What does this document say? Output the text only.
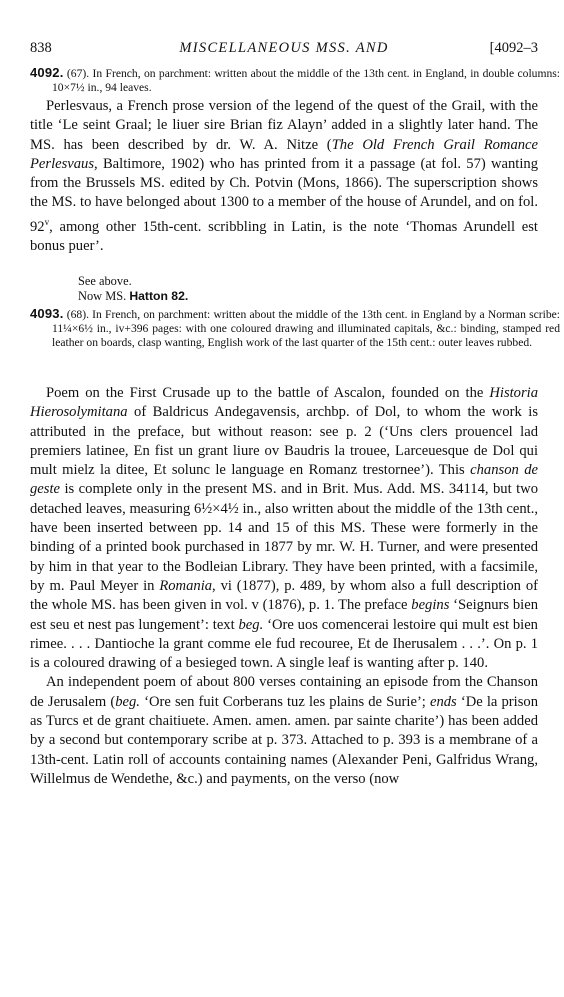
838	MISCELLANEOUS MSS. AND	[4092–3
4092. (67). In French, on parchment: written about the middle of the 13th cent. in England, in double columns: 10×7½ in., 94 leaves.

Perlesvaus, a French prose version of the legend of the quest of the Grail, with the title ‘Le seint Graal; le liuer sire Brian fiz Alayn’ added in a slightly later hand. The MS. has been described by dr. W. A. Nitze (The Old French Grail Romance Perlesvaus, Baltimore, 1902) who has printed from it a passage (at fol. 57) wanting from the Brussels MS. edited by Ch. Potvin (Mons, 1866). The superscription shows the MS. to have belonged about 1300 to a member of the house of Arundel, and on fol. 92$^v$, among other 15th-cent. scribbling in Latin, is the note ‘Thomas Arundell est bonus puer’.

See above.
Now MS. Hatton 82.
4093. (68). In French, on parchment: written about the middle of the 13th cent. in England by a Norman scribe: 11¼×6½ in., iv+396 pages: with one coloured drawing and illuminated capitals, &c.: binding, stamped red leather on boards, clasp wanting, English work of the last quarter of the 15th cent.: outer leaves rubbed.

Poem on the First Crusade up to the battle of Ascalon, founded on the Historia Hierosolymitana of Baldricus Andegavensis, archbp. of Dol, to whom the work is attributed in the preface, but without reason: see p. 2 (‘Uns clers prouencel lad premiers latinee, En fist un grant liure ov Baudris la trouee, Larceuesque de Dol qui mult mielz la ditee, Et solunc le language en Romanz trestornee’). This chanson de geste is complete only in the present MS. and in Brit. Mus. Add. MS. 34114, but two detached leaves, measuring 6½×4½ in., also written about the middle of the 13th cent., have been inserted between pp. 14 and 15 of this MS. These were formerly in the binding of a printed book purchased in 1877 by mr. W. H. Turner, and were presented by him in that year to the Bodleian Library. They have been printed, with a facsimile, by m. Paul Meyer in Romania, vi (1877), p. 489, by whom also a full description of the whole MS. has been given in vol. v (1876), p. 1. The preface begins ‘Seignurs bien est seu et nest pas lungement’: text beg. ‘Ore uos comencerai lestoire qui mult est bien rimee. . . . Dantioche la grant comme ele fud recouree, Et de Iherusalem . . .’. On p. 1 is a coloured drawing of a besieged town. A single leaf is wanting after p. 140.

An independent poem of about 800 verses containing an episode from the Chanson de Jerusalem (beg. ‘Ore sen fuit Corberans tuz les plains de Surie’; ends ‘De la prison as Turcs et de grant chaitiuete. Amen. amen. amen. par sainte charite’) has been added by a second but contemporary scribe at p. 373. Attached to p. 393 is a membrane of a 13th-cent. Latin roll of accounts containing names (Alexander Peni, Galfridus Wrang, Willelmus de Wendethe, &c.) and payments, on the verso (now
